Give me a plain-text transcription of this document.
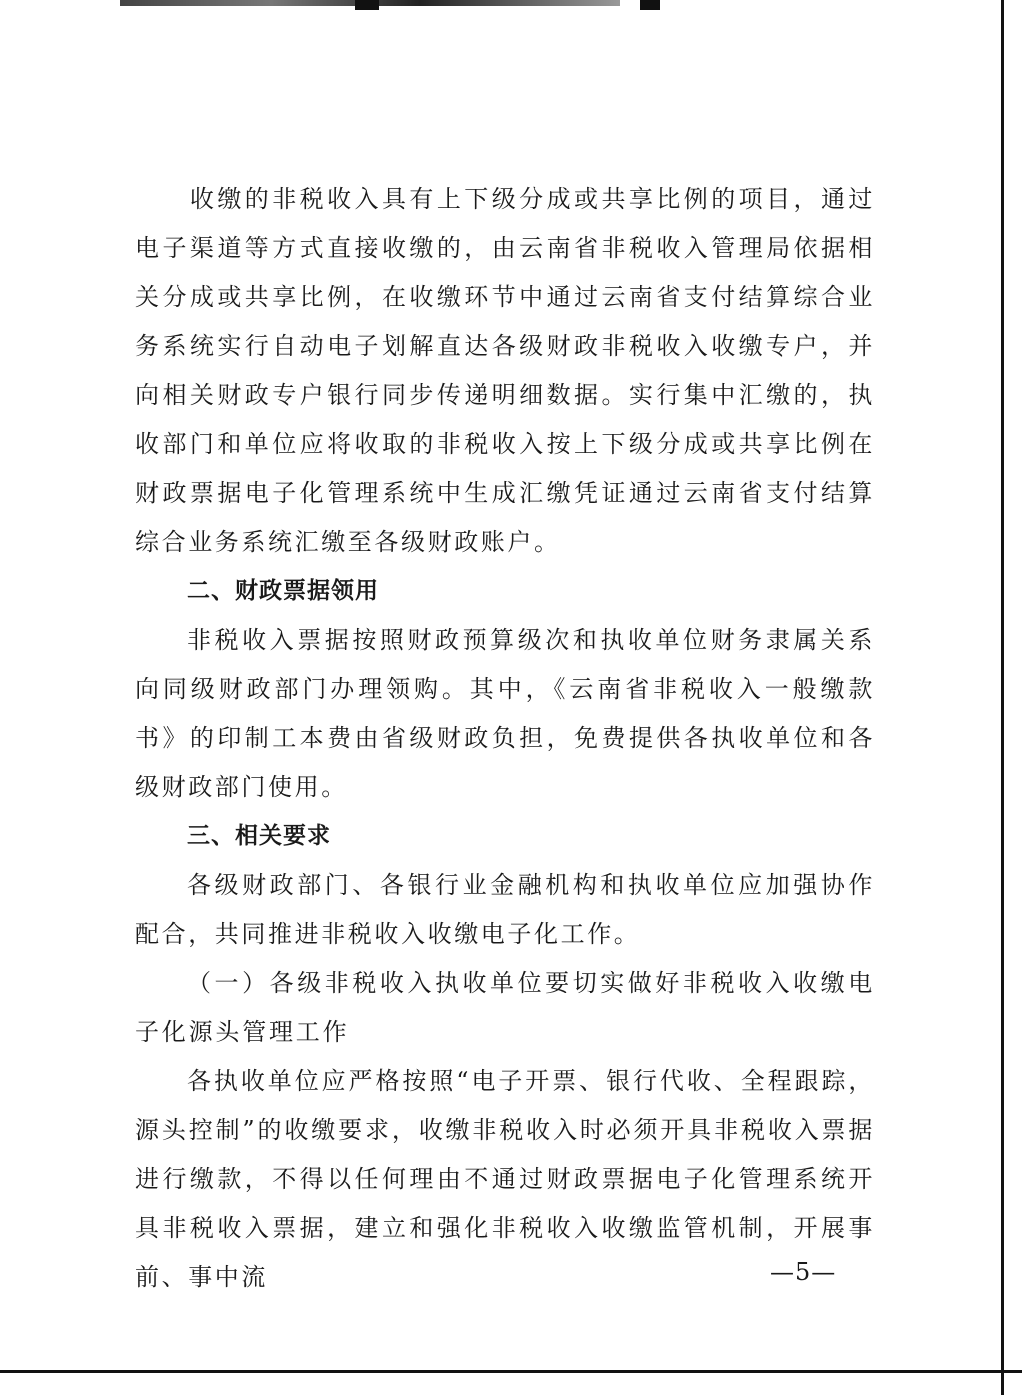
　　收缴的非税收入具有上下级分成或共享比例的项目，通过电子渠道等方式直接收缴的，由云南省非税收入管理局依据相关分成或共享比例，在收缴环节中通过云南省支付结算综合业务系统实行自动电子划解直达各级财政非税收入收缴专户，并向相关财政专户银行同步传递明细数据。实行集中汇缴的，执收部门和单位应将收取的非税收入按上下级分成或共享比例在财政票据电子化管理系统中生成汇缴凭证通过云南省支付结算综合业务系统汇缴至各级财政账户。

二、财政票据领用

非税收入票据按照财政预算级次和执收单位财务隶属关系向同级财政部门办理领购。其中，《云南省非税收入一般缴款书》的印制工本费由省级财政负担，免费提供各执收单位和各级财政部门使用。

三、相关要求

各级财政部门、各银行业金融机构和执收单位应加强协作配合，共同推进非税收入收缴电子化工作。

（一）各级非税收入执收单位要切实做好非税收入收缴电子化源头管理工作

各执收单位应严格按照“电子开票、银行代收、全程跟踪，源头控制”的收缴要求，收缴非税收入时必须开具非税收入票据进行缴款，不得以任何理由不通过财政票据电子化管理系统开具非税收入票据，建立和强化非税收入收缴监管机制，开展事前、事中流	—5—
